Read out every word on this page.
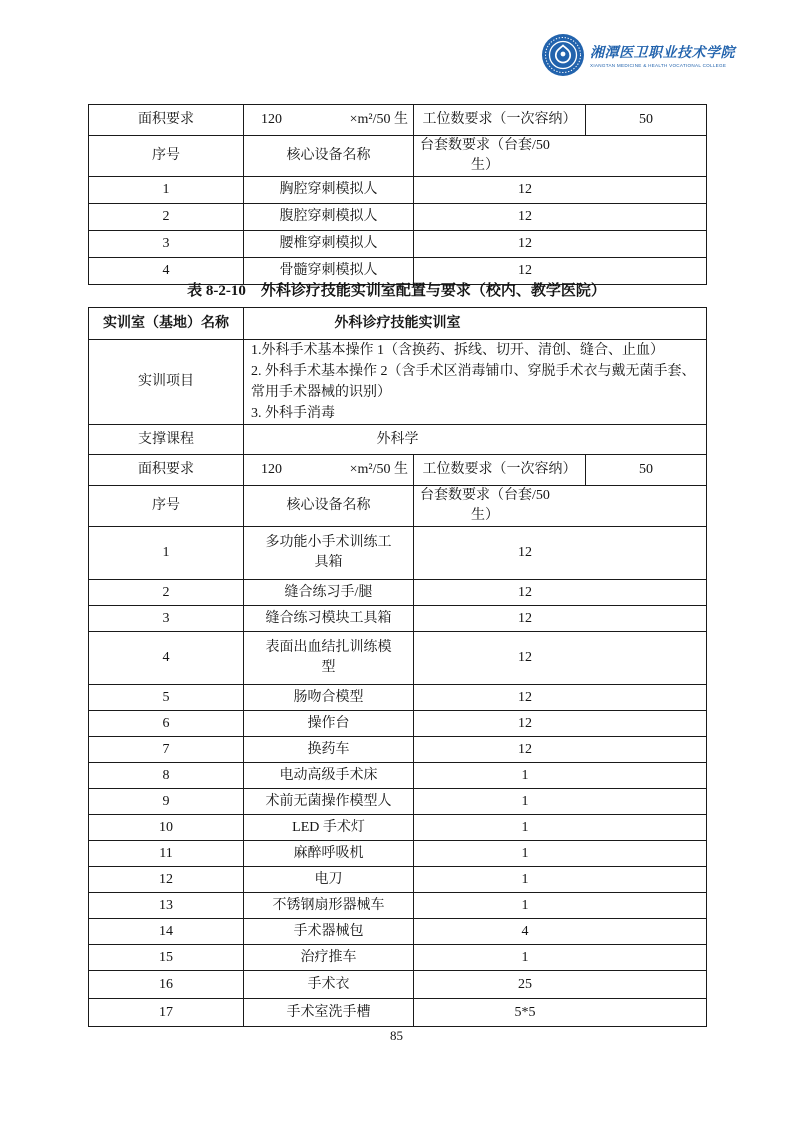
湘潭医卫职业技术学院
XIANGTAN MEDICINE & HEALTH VOCATIONAL COLLEGE
面积要求	120 ×m²/50 生	工位数要求（一次容纳）	50
序号	核心设备名称	台套数要求（台套/50 生）	
1	胸腔穿刺模拟人	12	
2	腹腔穿刺模拟人	12	
3	腰椎穿刺模拟人	12	
4	骨髓穿刺模拟人	12	
表 8-2-10　外科诊疗技能实训室配置与要求（校内、教学医院）
实训室（基地）名称	外科诊疗技能实训室		
实训项目	1.外科手术基本操作 1（含换药、拆线、切开、清创、缝合、止血）
2. 外科手术基本操作 2（含手术区消毒铺巾、穿脱手术衣与戴无菌手套、
常用手术器械的识别）
3. 外科手消毒		

支撑课程	外科学		
面积要求	120 ×m²/50 生	工位数要求（一次容纳）	50
序号	核心设备名称	台套数要求（台套/50 生）	
1	多功能小手术训练工具箱	12	
2	缝合练习手/腿	12	
3	缝合练习模块工具箱	12	
4	表面出血结扎训练模型	12	
5	肠吻合模型	12	
6	操作台	12	
7	换药车	12	
8	电动高级手术床	1	
9	术前无菌操作模型人	1	
10	LED 手术灯	1	
11	麻醉呼吸机	1	
12	电刀	1	
13	不锈钢扇形器械车	1	
14	手术器械包	4	
15	治疗推车	1	
16	手术衣	25	
17	手术室洗手槽	5*5	
85
